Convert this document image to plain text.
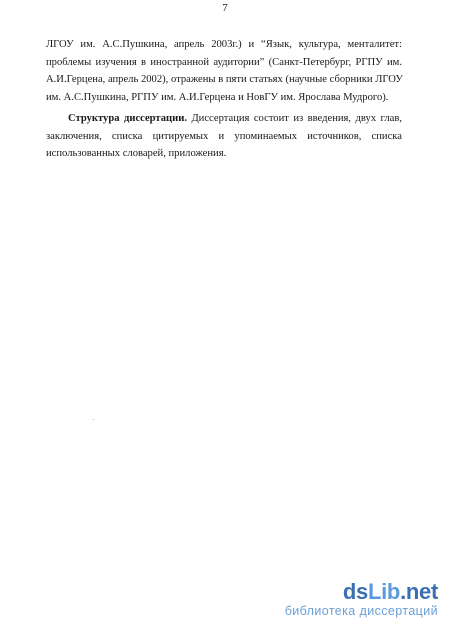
7
ЛГОУ им. А.С.Пушкина, апрель 2003г.) и “Язык, культура, менталитет:
проблемы изучения в иностранной аудитории” (Санкт-Петербург, РГПУ им.
А.И.Герцена, апрель 2002), отражены в пяти статьях (научные сборники ЛГОУ
им. А.С.Пушкина, РГПУ им. А.И.Герцена и НовГУ им. Ярослава Мудрого).
Структура диссертации. Диссертация состоит из введения, двух глав,
заключения, списка цитируемых и упоминаемых источников, списка
использованных словарей, приложения.
dsLib.net
библиотека диссертаций
